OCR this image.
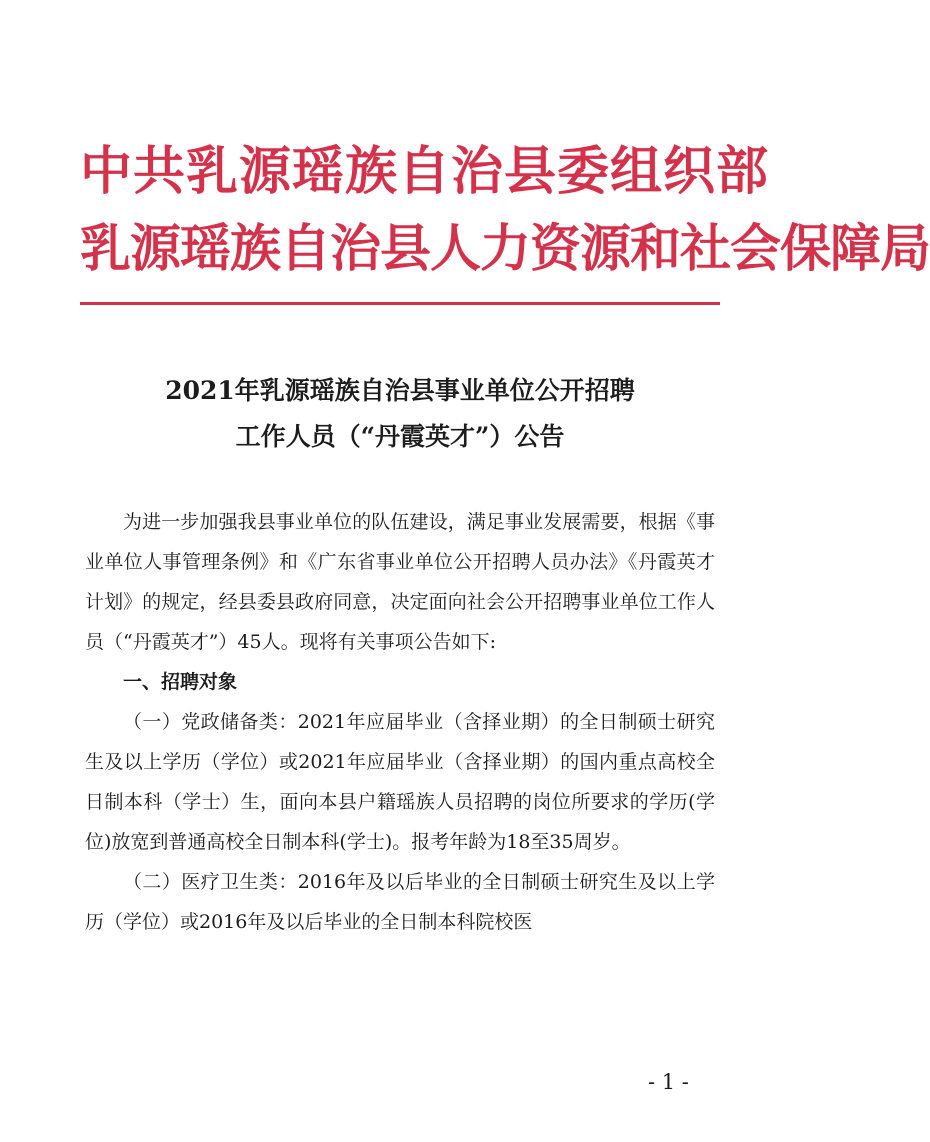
中共乳源瑶族自治县委组织部
乳源瑶族自治县人力资源和社会保障局
2021年乳源瑶族自治县事业单位公开招聘
工作人员（“丹霞英才”）公告

为进一步加强我县事业单位的队伍建设，满足事业发展需要，根据《事业单位人事管理条例》和《广东省事业单位公开招聘人员办法》《丹霞英才计划》的规定，经县委县政府同意，决定面向社会公开招聘事业单位工作人员（“丹霞英才”）45人。现将有关事项公告如下:

一、招聘对象

（一）党政储备类：2021年应届毕业（含择业期）的全日制硕士研究生及以上学历（学位）或2021年应届毕业（含择业期）的国内重点高校全日制本科（学士）生，面向本县户籍瑶族人员招聘的岗位所要求的学历(学位)放宽到普通高校全日制本科(学士)。报考年龄为18至35周岁。

（二）医疗卫生类：2016年及以后毕业的全日制硕士研究生及以上学历（学位）或2016年及以后毕业的全日制本科院校医

- 1 -
